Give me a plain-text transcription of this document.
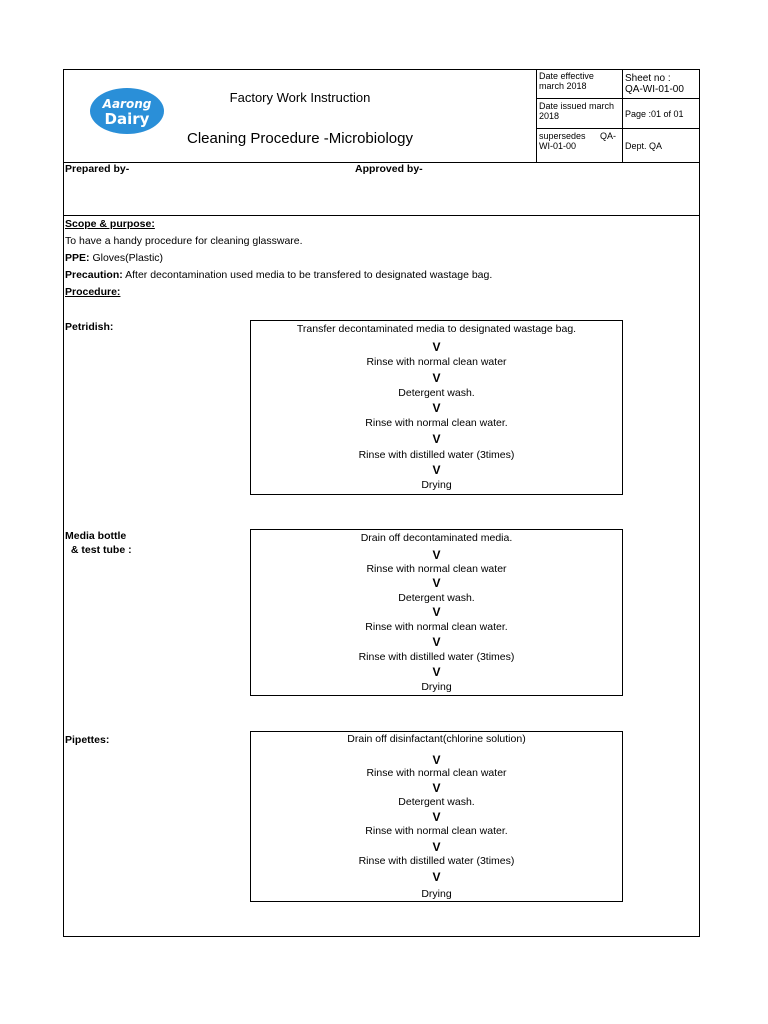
Aarong
Dairy
Factory Work Instruction
Cleaning Procedure -Microbiology
Date effective
march 2018
Sheet no :
QA-WI-01-00
Date issued march
2018	Page :01 of 01
supersedes QA-
WI-01-00	Dept. QA
Prepared by-	Approved by-
Scope & purpose:
To have a handy procedure for cleaning glassware.
PPE: Gloves(Plastic)
Precaution: After decontamination used media to be transfered to designated wastage bag.
Procedure:
Petridish:	Transfer decontaminated media to designated wastage bag.
V
Rinse with normal clean water
V
Detergent wash.
V
Rinse with normal clean water.
V
Rinse with distilled water (3times)
V
Drying
Media bottle
& test tube :
Drain off decontaminated media.
V
Rinse with normal clean water
V
Detergent wash.
V
Rinse with normal clean water.
V
Rinse with distilled water (3times)
V
Drying
Pipettes:	Drain off disinfactant(chlorine solution)
V
Rinse with normal clean water
V
Detergent wash.
V
Rinse with normal clean water.
V
Rinse with distilled water (3times)
V
Drying
